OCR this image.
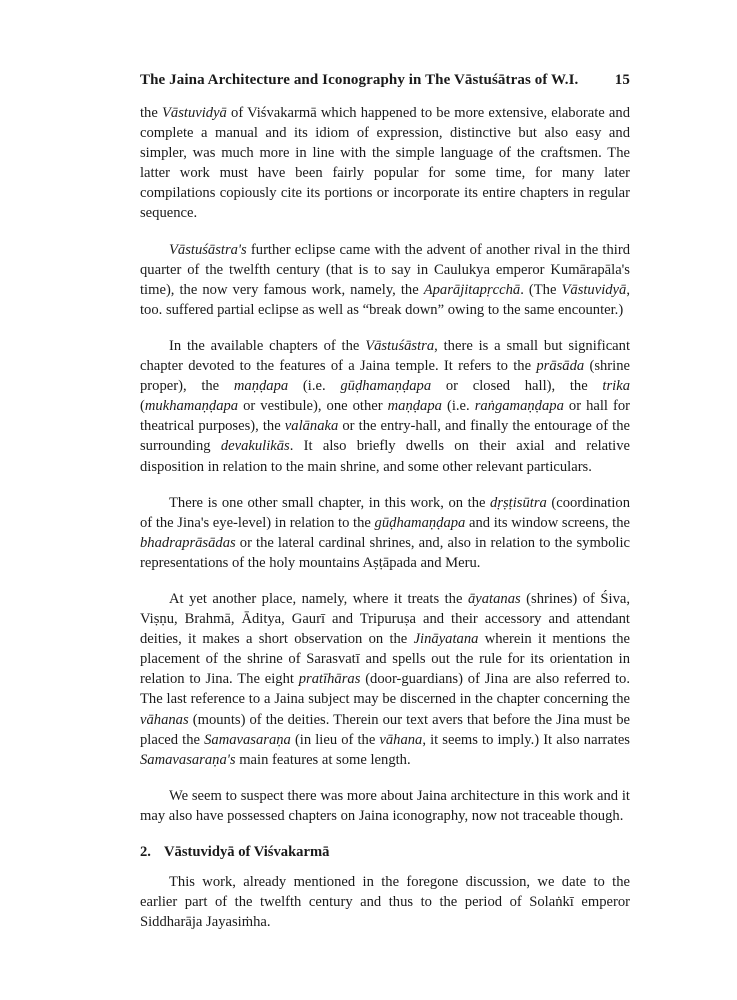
The Jaina Architecture and Iconography in The Vāstuśātras of W.I. 15

the Vāstuvidyā of Viśvakarmā which happened to be more extensive, elaborate and complete a manual and its idiom of expression, distinctive but also easy and simpler, was much more in line with the simple language of the craftsmen. The latter work must have been fairly popular for some time, for many later compilations copiously cite its portions or incorporate its entire chapters in regular sequence.

Vāstuśāstra's further eclipse came with the advent of another rival in the third quarter of the twelfth century (that is to say in Caulukya emperor Kumārapāla's time), the now very famous work, namely, the Aparājitapṛcchā. (The Vāstuvidyā, too. suffered partial eclipse as well as “break down” owing to the same encounter.)

In the available chapters of the Vāstuśāstra, there is a small but significant chapter devoted to the features of a Jaina temple. It refers to the prāsāda (shrine proper), the maṇḍapa (i.e. gūḍhamaṇḍapa or closed hall), the trika (mukhamaṇḍapa or vestibule), one other maṇḍapa (i.e. raṅgamaṇḍapa or hall for theatrical purposes), the valānaka or the entry-hall, and finally the entourage of the surrounding devakulikās. It also briefly dwells on their axial and relative disposition in relation to the main shrine, and some other relevant particulars.

There is one other small chapter, in this work, on the dṛṣṭisūtra (coordination of the Jina's eye-level) in relation to the gūḍhamaṇḍapa and its window screens, the bhadraprāsādas or the lateral cardinal shrines, and, also in relation to the symbolic representations of the holy mountains Aṣṭāpada and Meru.

At yet another place, namely, where it treats the āyatanas (shrines) of Śiva, Viṣṇu, Brahmā, Āditya, Gaurī and Tripuruṣa and their accessory and attendant deities, it makes a short observation on the Jināyatana wherein it mentions the placement of the shrine of Sarasvatī and spells out the rule for its orientation in relation to Jina. The eight pratīhāras (door-guardians) of Jina are also referred to. The last reference to a Jaina subject may be discerned in the chapter concerning the vāhanas (mounts) of the deities. Therein our text avers that before the Jina must be placed the Samavasaraṇa (in lieu of the vāhana, it seems to imply.) It also narrates Samavasaraṇa's main features at some length.

We seem to suspect there was more about Jaina architecture in this work and it may also have possessed chapters on Jaina iconography, now not traceable though.

2. Vāstuvidyā of Viśvakarmā

This work, already mentioned in the foregone discussion, we date to the earlier part of the twelfth century and thus to the period of Solaṅkī emperor Siddharāja Jayasiṁha.
